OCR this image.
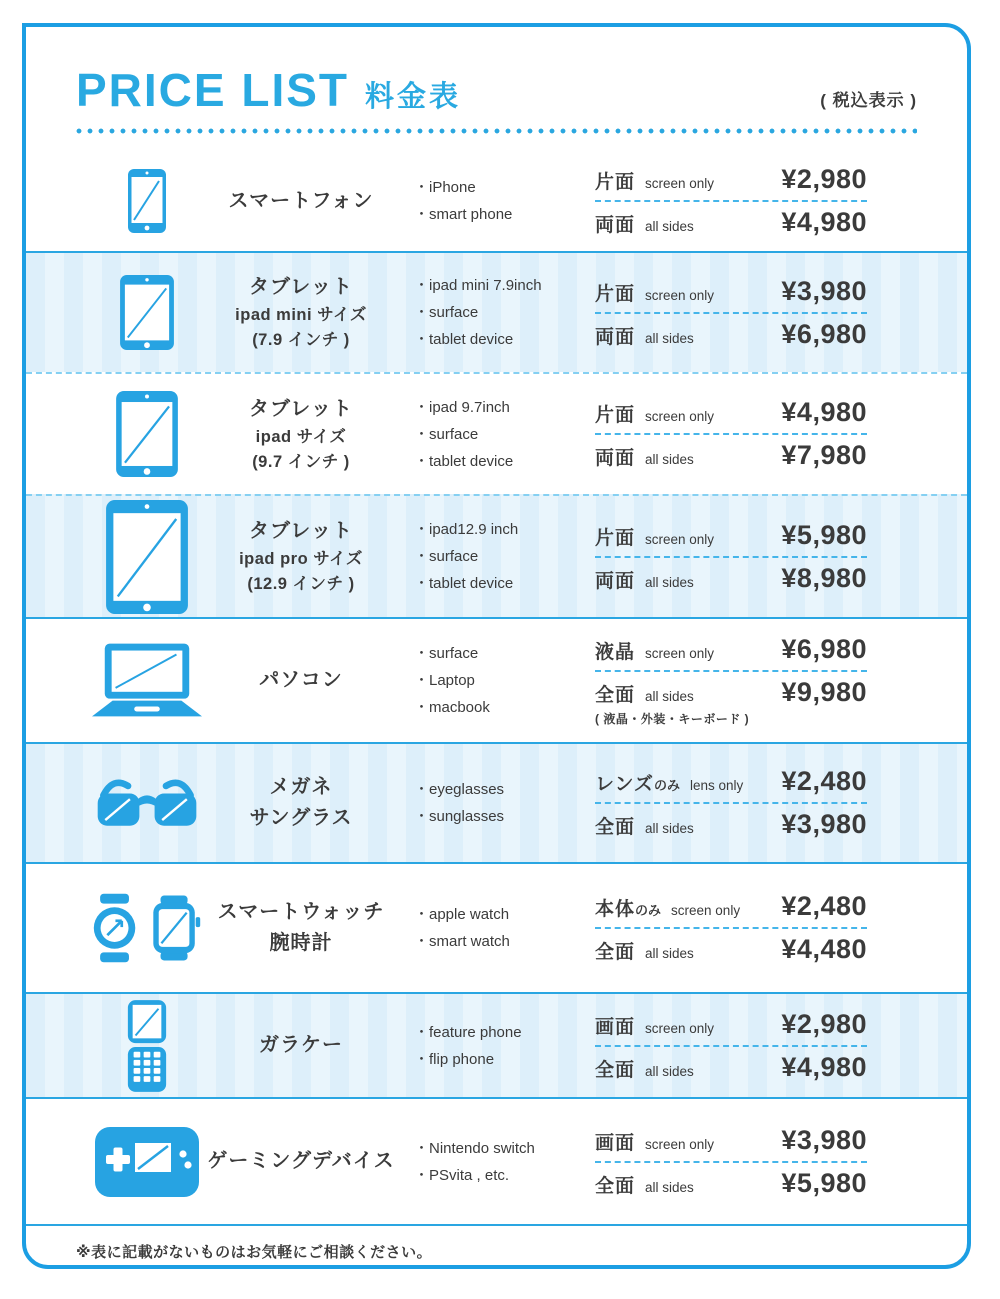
PRICE LIST 料金表	( 税込表示 )
スマートフォン
・iPhone
・smart phone
片面 screen only ¥2,980
両面 all sides	¥4,980
タブレット
ipad mini サイズ
(7.9 インチ )
・ipad mini 7.9inch
・surface
・tablet device
片面 screen only ¥3,980
両面 all sides	¥6,980
タブレット
ipad サイズ
(9.7 インチ )
・ipad 9.7inch
・surface
・tablet device
片面 screen only ¥4,980
両面 all sides	¥7,980
タブレット
ipad pro サイズ
(12.9 インチ )
・ipad12.9 inch
・surface
・tablet device
片面 screen only ¥5,980
両面 all sides	¥8,980
パソコン
・surface
・Laptop
・macbook
液晶 screen only ¥6,980
全面 all sides	¥9,980
( 液晶・外装・キーボード )
メガネ
サングラス
・eyeglasses
・sunglasses
レンズ のみ lens only ¥2,480
全面 all sides	¥3,980
スマートウォッチ
腕時計
・apple watch
・smart watch
本体 のみ screen only ¥2,480
全面 all sides	¥4,480
ガラケー
・feature phone
・flip phone
画面 screen only ¥2,980
全面 all sides	¥4,980
ゲーミングデバイス
・Nintendo switch
・PSvita , etc.
画面 screen only ¥3,980
全面 all sides	¥5,980
※表に記載がないものはお気軽にご相談ください。
